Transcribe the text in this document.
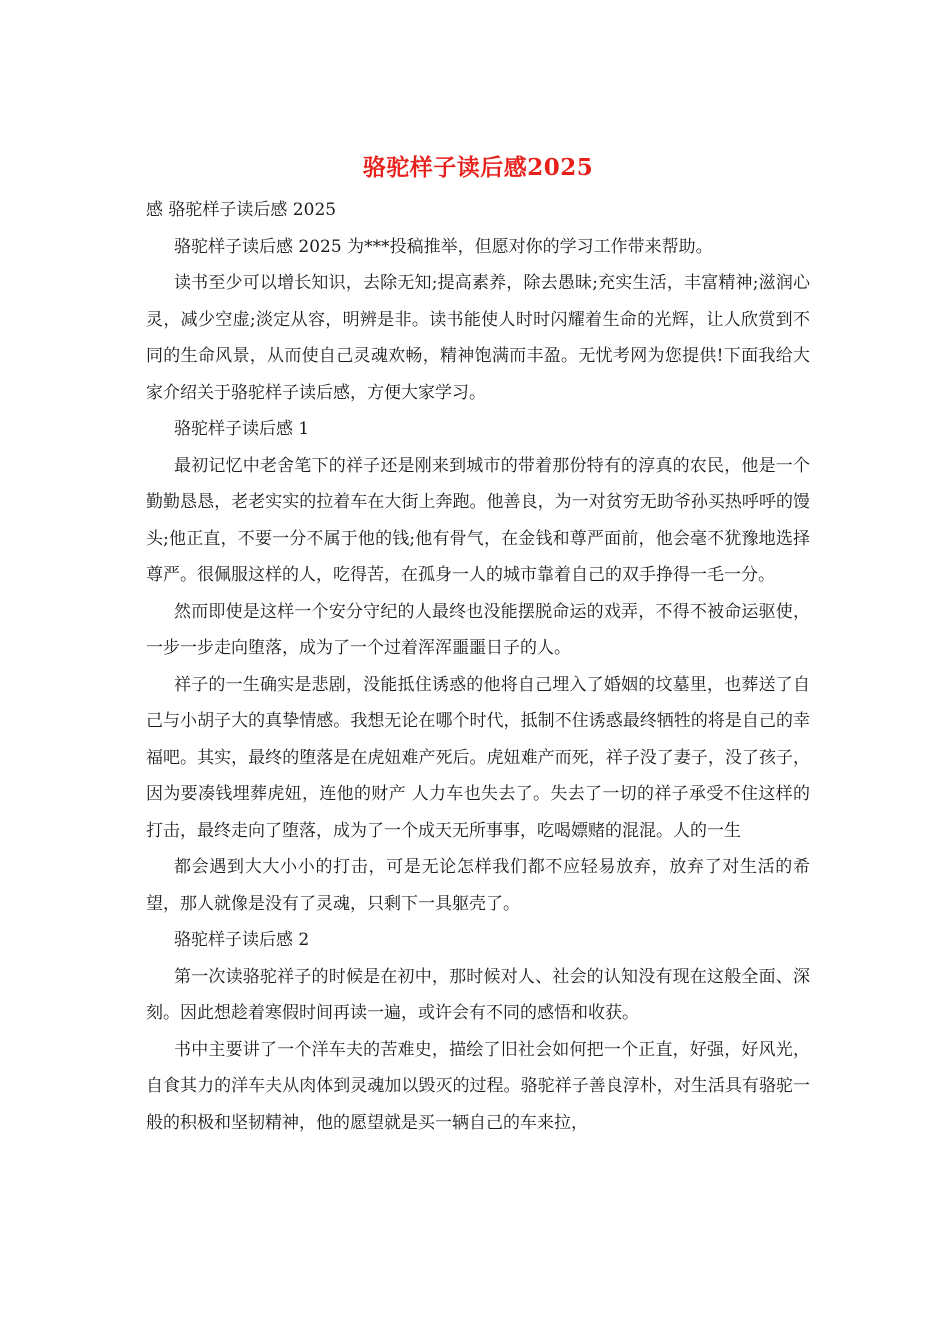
骆驼样子读后感2025

感 骆驼样子读后感 2025

骆驼样子读后感 2025 为***投稿推举，但愿对你的学习工作带来帮助。

读书至少可以增长知识，去除无知;提高素养，除去愚昧;充实生活，丰富精神;滋润心灵，减少空虚;淡定从容，明辨是非。读书能使人时时闪耀着生命的光辉，让人欣赏到不同的生命风景，从而使自己灵魂欢畅，精神饱满而丰盈。无忧考网为您提供!下面我给大家介绍关于骆驼样子读后感，方便大家学习。

骆驼样子读后感 1

最初记忆中老舍笔下的祥子还是刚来到城市的带着那份特有的淳真的农民，他是一个勤勤恳恳，老老实实的拉着车在大街上奔跑。他善良，为一对贫穷无助爷孙买热呼呼的馒头;他正直，不要一分不属于他的钱;他有骨气，在金钱和尊严面前，他会毫不犹豫地选择尊严。很佩服这样的人，吃得苦，在孤身一人的城市靠着自己的双手挣得一毛一分。

然而即使是这样一个安分守纪的人最终也没能摆脱命运的戏弄，不得不被命运驱使，一步一步走向堕落，成为了一个过着浑浑噩噩日子的人。

祥子的一生确实是悲剧，没能抵住诱惑的他将自己埋入了婚姻的坟墓里，也葬送了自己与小胡子大的真挚情感。我想无论在哪个时代，抵制不住诱惑最终牺牲的将是自己的幸福吧。其实，最终的堕落是在虎妞难产死后。虎妞难产而死，祥子没了妻子，没了孩子，因为要凑钱埋葬虎妞，连他的财产 人力车也失去了。失去了一切的祥子承受不住这样的打击，最终走向了堕落，成为了一个成天无所事事，吃喝嫖赌的混混。人的一生

都会遇到大大小小的打击，可是无论怎样我们都不应轻易放弃，放弃了对生活的希望，那人就像是没有了灵魂，只剩下一具躯壳了。

骆驼样子读后感 2

第一次读骆驼祥子的时候是在初中，那时候对人、社会的认知没有现在这般全面、深刻。因此想趁着寒假时间再读一遍，或许会有不同的感悟和收获。

书中主要讲了一个洋车夫的苦难史，描绘了旧社会如何把一个正直，好强，好风光，自食其力的洋车夫从肉体到灵魂加以毁灭的过程。骆驼祥子善良淳朴，对生活具有骆驼一般的积极和坚韧精神，他的愿望就是买一辆自己的车来拉，
